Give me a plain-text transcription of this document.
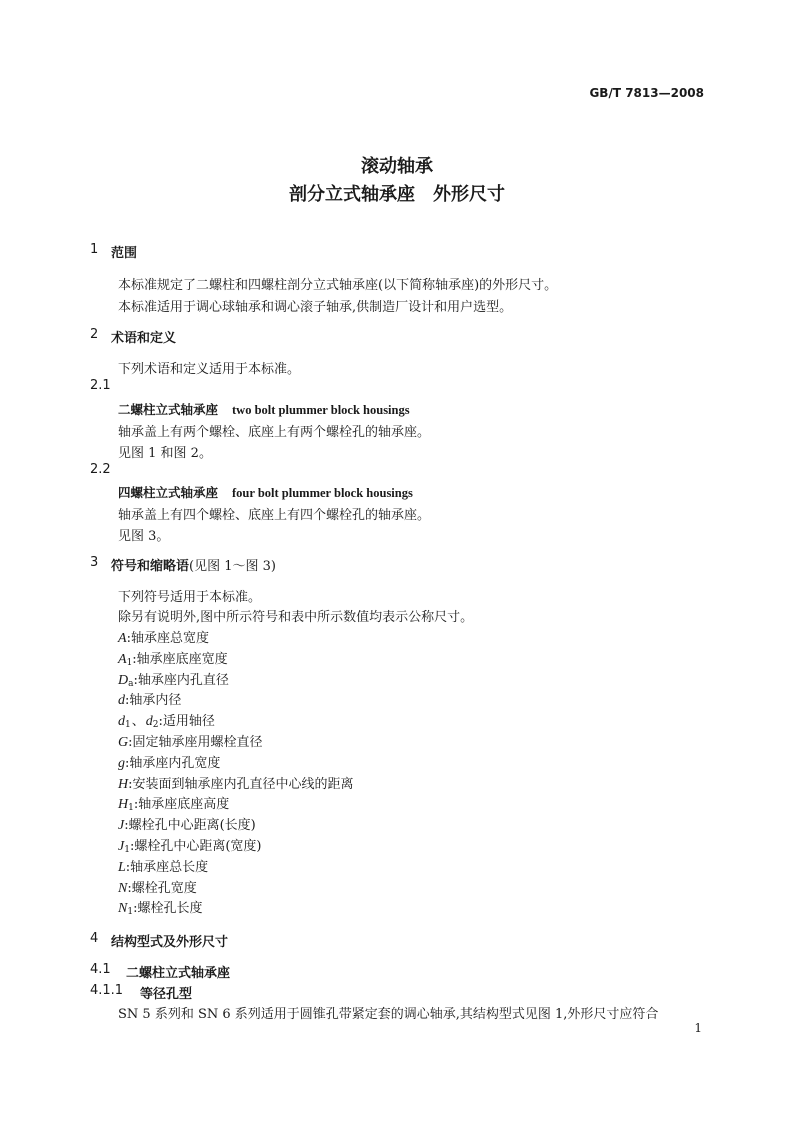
GB/T 7813—2008
滚动轴承
剖分立式轴承座　外形尺寸
1 范围
本标准规定了二螺柱和四螺柱剖分立式轴承座(以下简称轴承座)的外形尺寸。
本标准适用于调心球轴承和调心滚子轴承,供制造厂设计和用户选型。
2 术语和定义
下列术语和定义适用于本标准。
2.1
二螺柱立式轴承座 two bolt plummer block housings
轴承盖上有两个螺栓、底座上有两个螺栓孔的轴承座。
见图 1 和图 2。
2.2
四螺柱立式轴承座 four bolt plummer block housings
轴承盖上有四个螺栓、底座上有四个螺栓孔的轴承座。
见图 3。
3 符号和缩略语(见图 1～图 3)
下列符号适用于本标准。
除另有说明外,图中所示符号和表中所示数值均表示公称尺寸。
A:轴承座总宽度
$A_1$:轴承座底座宽度
$D_a$:轴承座内孔直径
d:轴承内径
$d_1$、$d_2$:适用轴径
G:固定轴承座用螺栓直径
g:轴承座内孔宽度
H:安装面到轴承座内孔直径中心线的距离
$H_1$:轴承座底座高度
J:螺栓孔中心距离(长度)
$J_1$:螺栓孔中心距离(宽度)
L:轴承座总长度
N:螺栓孔宽度
$N_1$:螺栓孔长度
4 结构型式及外形尺寸
4.1 二螺柱立式轴承座
4.1.1 等径孔型
SN 5 系列和 SN 6 系列适用于圆锥孔带紧定套的调心轴承,其结构型式见图 1,外形尺寸应符合
1
